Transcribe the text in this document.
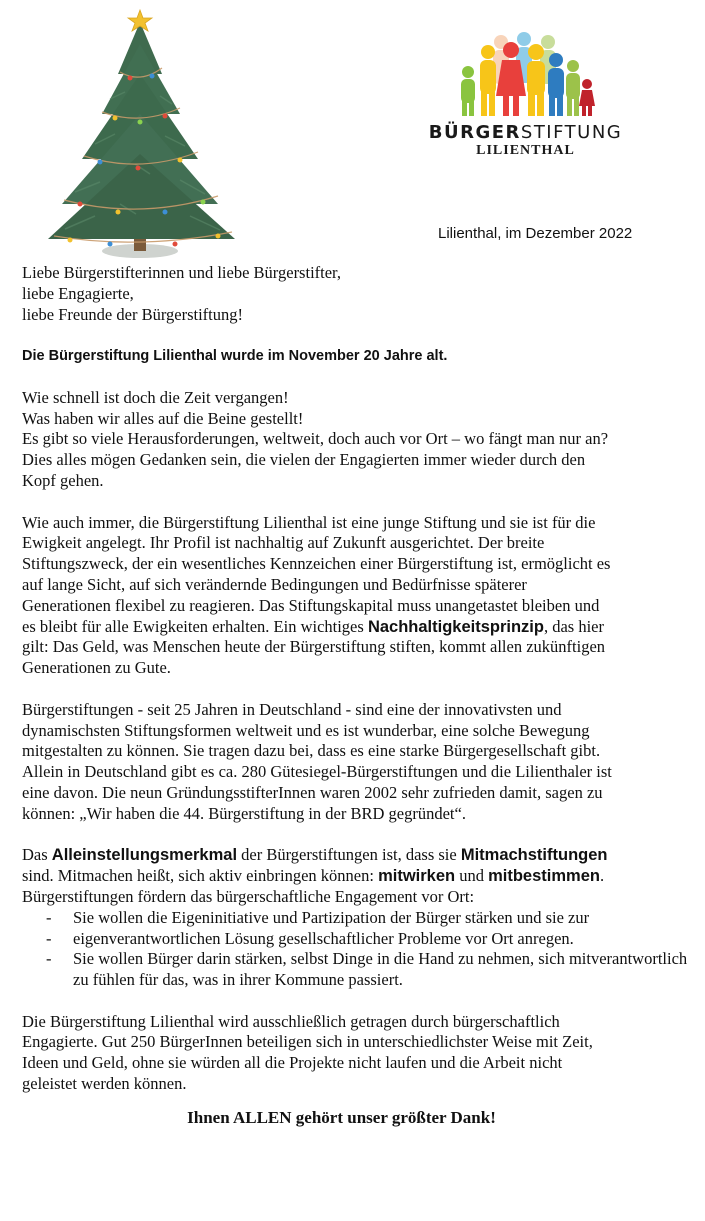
BÜRGERSTIFTUNG
LILIENTHAL
Lilienthal, im Dezember 2022

Liebe Bürgerstifterinnen und liebe Bürgerstifter,
liebe Engagierte,
liebe Freunde der Bürgerstiftung!

Die Bürgerstiftung Lilienthal wurde im November 20 Jahre alt.

Wie schnell ist doch die Zeit vergangen!
Was haben wir alles auf die Beine gestellt!
Es gibt so viele Herausforderungen, weltweit, doch auch vor Ort – wo fängt man nur an?
Dies alles mögen Gedanken sein, die vielen der Engagierten immer wieder durch den
Kopf gehen.

Wie auch immer, die Bürgerstiftung Lilienthal ist eine junge Stiftung und sie ist für die
Ewigkeit angelegt. Ihr Profil ist nachhaltig auf Zukunft ausgerichtet. Der breite
Stiftungszweck, der ein wesentliches Kennzeichen einer Bürgerstiftung ist, ermöglicht es
auf lange Sicht, auf sich verändernde Bedingungen und Bedürfnisse späterer
Generationen flexibel zu reagieren. Das Stiftungskapital muss unangetastet bleiben und
es bleibt für alle Ewigkeiten erhalten. Ein wichtiges Nachhaltigkeitsprinzip, das hier
gilt: Das Geld, was Menschen heute der Bürgerstiftung stiften, kommt allen zukünftigen
Generationen zu Gute.

Bürgerstiftungen - seit 25 Jahren in Deutschland - sind eine der innovativsten und
dynamischsten Stiftungsformen weltweit und es ist wunderbar, eine solche Bewegung
mitgestalten zu können. Sie tragen dazu bei, dass es eine starke Bürgergesellschaft gibt.
Allein in Deutschland gibt es ca. 280 Gütesiegel-Bürgerstiftungen und die Lilienthaler ist
eine davon. Die neun GründungsstifterInnen waren 2002 sehr zufrieden damit, sagen zu
können: „Wir haben die 44. Bürgerstiftung in der BRD gegründet“.

Das Alleinstellungsmerkmal der Bürgerstiftungen ist, dass sie Mitmachstiftungen
sind. Mitmachen heißt, sich aktiv einbringen können: mitwirken und mitbestimmen.
Bürgerstiftungen fördern das bürgerschaftliche Engagement vor Ort:

- Sie wollen die Eigeninitiative und Partizipation der Bürger stärken und sie zur
- eigenverantwortlichen Lösung gesellschaftlicher Probleme vor Ort anregen.
- Sie wollen Bürger darin stärken, selbst Dinge in die Hand zu nehmen, sich mitverantwortlich zu fühlen für das, was in ihrer Kommune passiert.

Die Bürgerstiftung Lilienthal wird ausschließlich getragen durch bürgerschaftlich
Engagierte. Gut 250 BürgerInnen beteiligen sich in unterschiedlichster Weise mit Zeit,
Ideen und Geld, ohne sie würden all die Projekte nicht laufen und die Arbeit nicht
geleistet werden können.

Ihnen ALLEN gehört unser größter Dank!
